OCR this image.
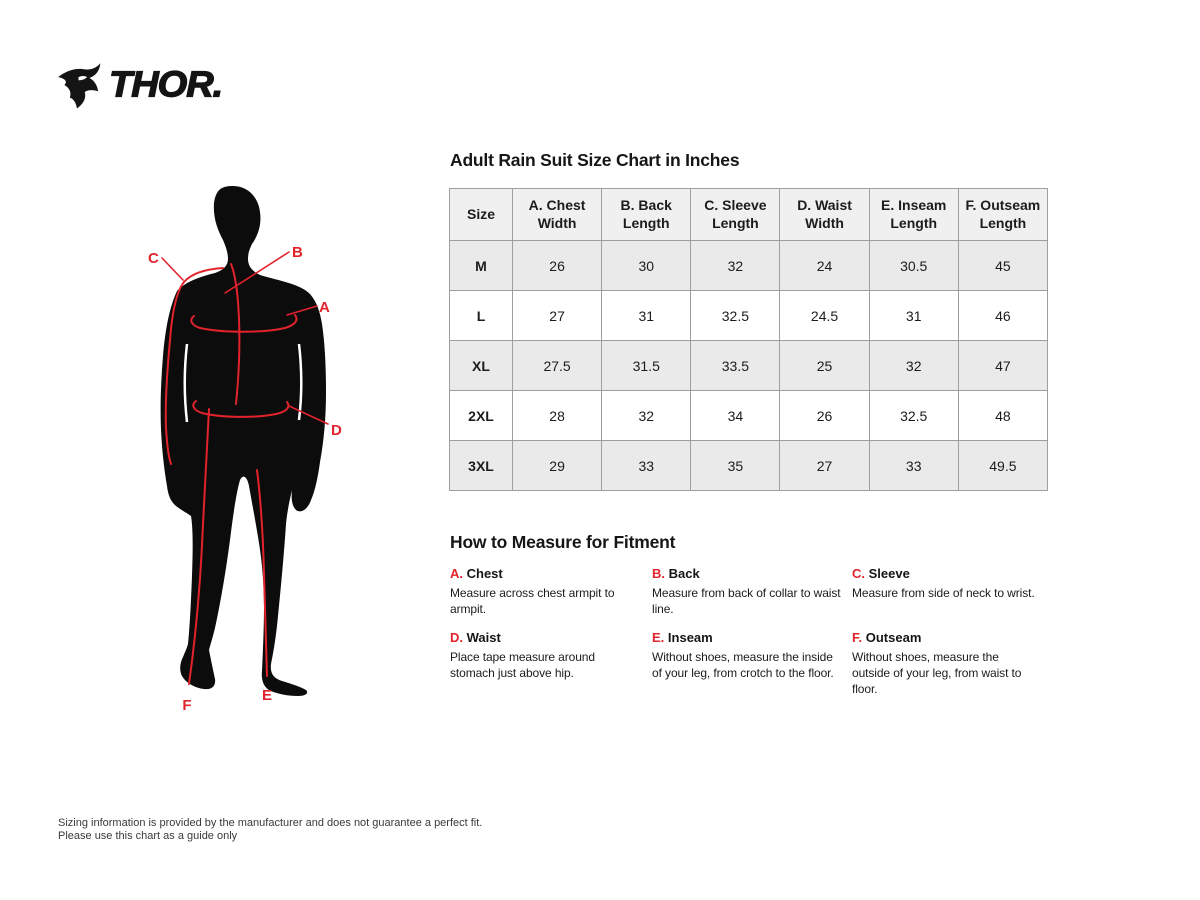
THOR.
A
B
C
D
E
F
Adult Rain Suit Size Chart in Inches
Size	A. Chest Width	B. Back Length	C. Sleeve Length	D. Waist Width	E. Inseam Length	F. Outseam Length
M	26	30	32	24	30.5	45
L	27	31	32.5	24.5	31	46
XL	27.5	31.5	33.5	25	32	47
2XL	28	32	34	26	32.5	48
3XL	29	33	35	27	33	49.5
How to Measure for Fitment
A. Chest

Measure across chest armpit to armpit.

B. Back

Measure from back of collar to waist line.

C. Sleeve

Measure from side of neck to wrist.

D. Waist

Place tape measure around stomach just above hip.

E. Inseam

Without shoes, measure the inside of your leg, from crotch to the floor.

F. Outseam

Without shoes, measure the outside of your leg, from waist to floor.

Sizing information is provided by the manufacturer and does not guarantee a perfect fit.
Please use this chart as a guide only
